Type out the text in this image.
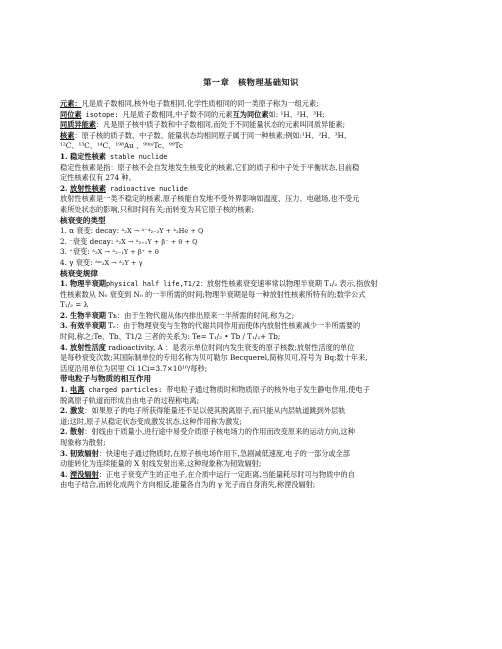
第一章　核物理基础知识
元素：凡是质子数相同,核外电子数相同,化学性质相同的同一类原子称为一组元素;
同位素 isotope: 凡是质子数相同,中子数不同的元素互为同位素如: ¹H、²H、³H;
同质异能素：凡是原子核中质子数和中子数相同,而处于不同能量状态的元素叫同质异能素;
核素：原子核的质子数、中子数、能量状态均相同原子属于同一种核素;例如:¹H、²H、³H、
¹²C、¹³C、¹⁴C、¹⁹⁸Au 、⁹⁹ᵐTc、⁹⁹Tc
1. 稳定性核素 stable nuclide
稳定性核素是指：原子核不会自发地发生核变化的核素,它们的质子和中子处于平衡状态,目前稳
定性核素仅有 274 种。
2. 放射性核素 radioactive nuclide
放射性核素是一类不稳定的核素,原子核能自发地不受外界影响如温度、压力、电磁场,也不受元
素所处状态的影响,只和时间有关;而转变为其它原子核的核素;
核衰变的类型
1. α 衰变: decay: ᴬ₂X → ᴬ⁻⁴₂₋₂Y + ⁴₂He + Q
2. ⁻衰变 decay: ᴬ₂X → ᴬ₂₊₁Y + β⁻ + θ + Q
3. ⁺衰变: ᴬ₂X → ᴬ₂₋₁Y + β⁺ + θ
4. γ 衰变: ᴬᵐ₂X → ᴬ₂Y + γ
核衰变规律
1. 物理半衰期physical half life,T1/2：放射性核素衰变速率常以物理半衰期 T₁/₂ 表示,指放射
性核素数从 N₀ 衰变到 N₀ 的一半所需的时间;物理半衰期是每一种放射性核素所特有的;数学公式
T₁/₂ = λ
2. 生物半衰期 Tь：由于生物代谢从体内排出原来一半所需的时间,称为之;
3. 有效半衰期 Tₑ：由于物理衰变与生物的代谢共同作用而使体内放射性核素减少一半所需要的
时间,称之;Te、Tb、T1/2 三者的关系为: Te= T₁/₂ • Tb / T₁/₂+ Tb;
4. 放射性活度 radioactivity, A ：是表示单位时间内发生衰变的原子核数;放射性活度的单位
是每秒衰变次数;其国际制单位的专用名称为贝可勒尔 Becquerel,简称贝可,符号为 Bq;数十年来,
活度沿用单位为居里 Ci 1Ci=3.7×10¹⁰/每秒;
带电粒子与物质的相互作用
1. 电离 charged particles: 带电粒子通过物质时和物质原子的核外电子发生静电作用,使电子
脱离原子轨道而形成自由电子的过程称电离;
2. 激发：如果原子的电子所获得能量还不足以使其脱离原子,而只能从内层轨道跳到外层轨
道;这时,原子从稳定状态变成激发状态,这种作用称为激发;
2. 散射：射线由于质量小,进行途中易受介质原子核电场力的作用而改变原来的运动方向,这种
现象称为散射;
3. 韧致辐射：快速电子通过物质时,在原子核电场作用下,急剧减低速度,电子的一部分或全部
动能转化为连续能量的 X 射线发射出来,这种现象称为韧致辐射;
4. 湮没辐射：正电子衰变产生的正电子,在介质中运行一定距离,当能量耗尽时可与物质中的自
由电子结合,而转化成两个方向相反,能量各自为的 γ 光子而自身消失,称湮没辐射;
